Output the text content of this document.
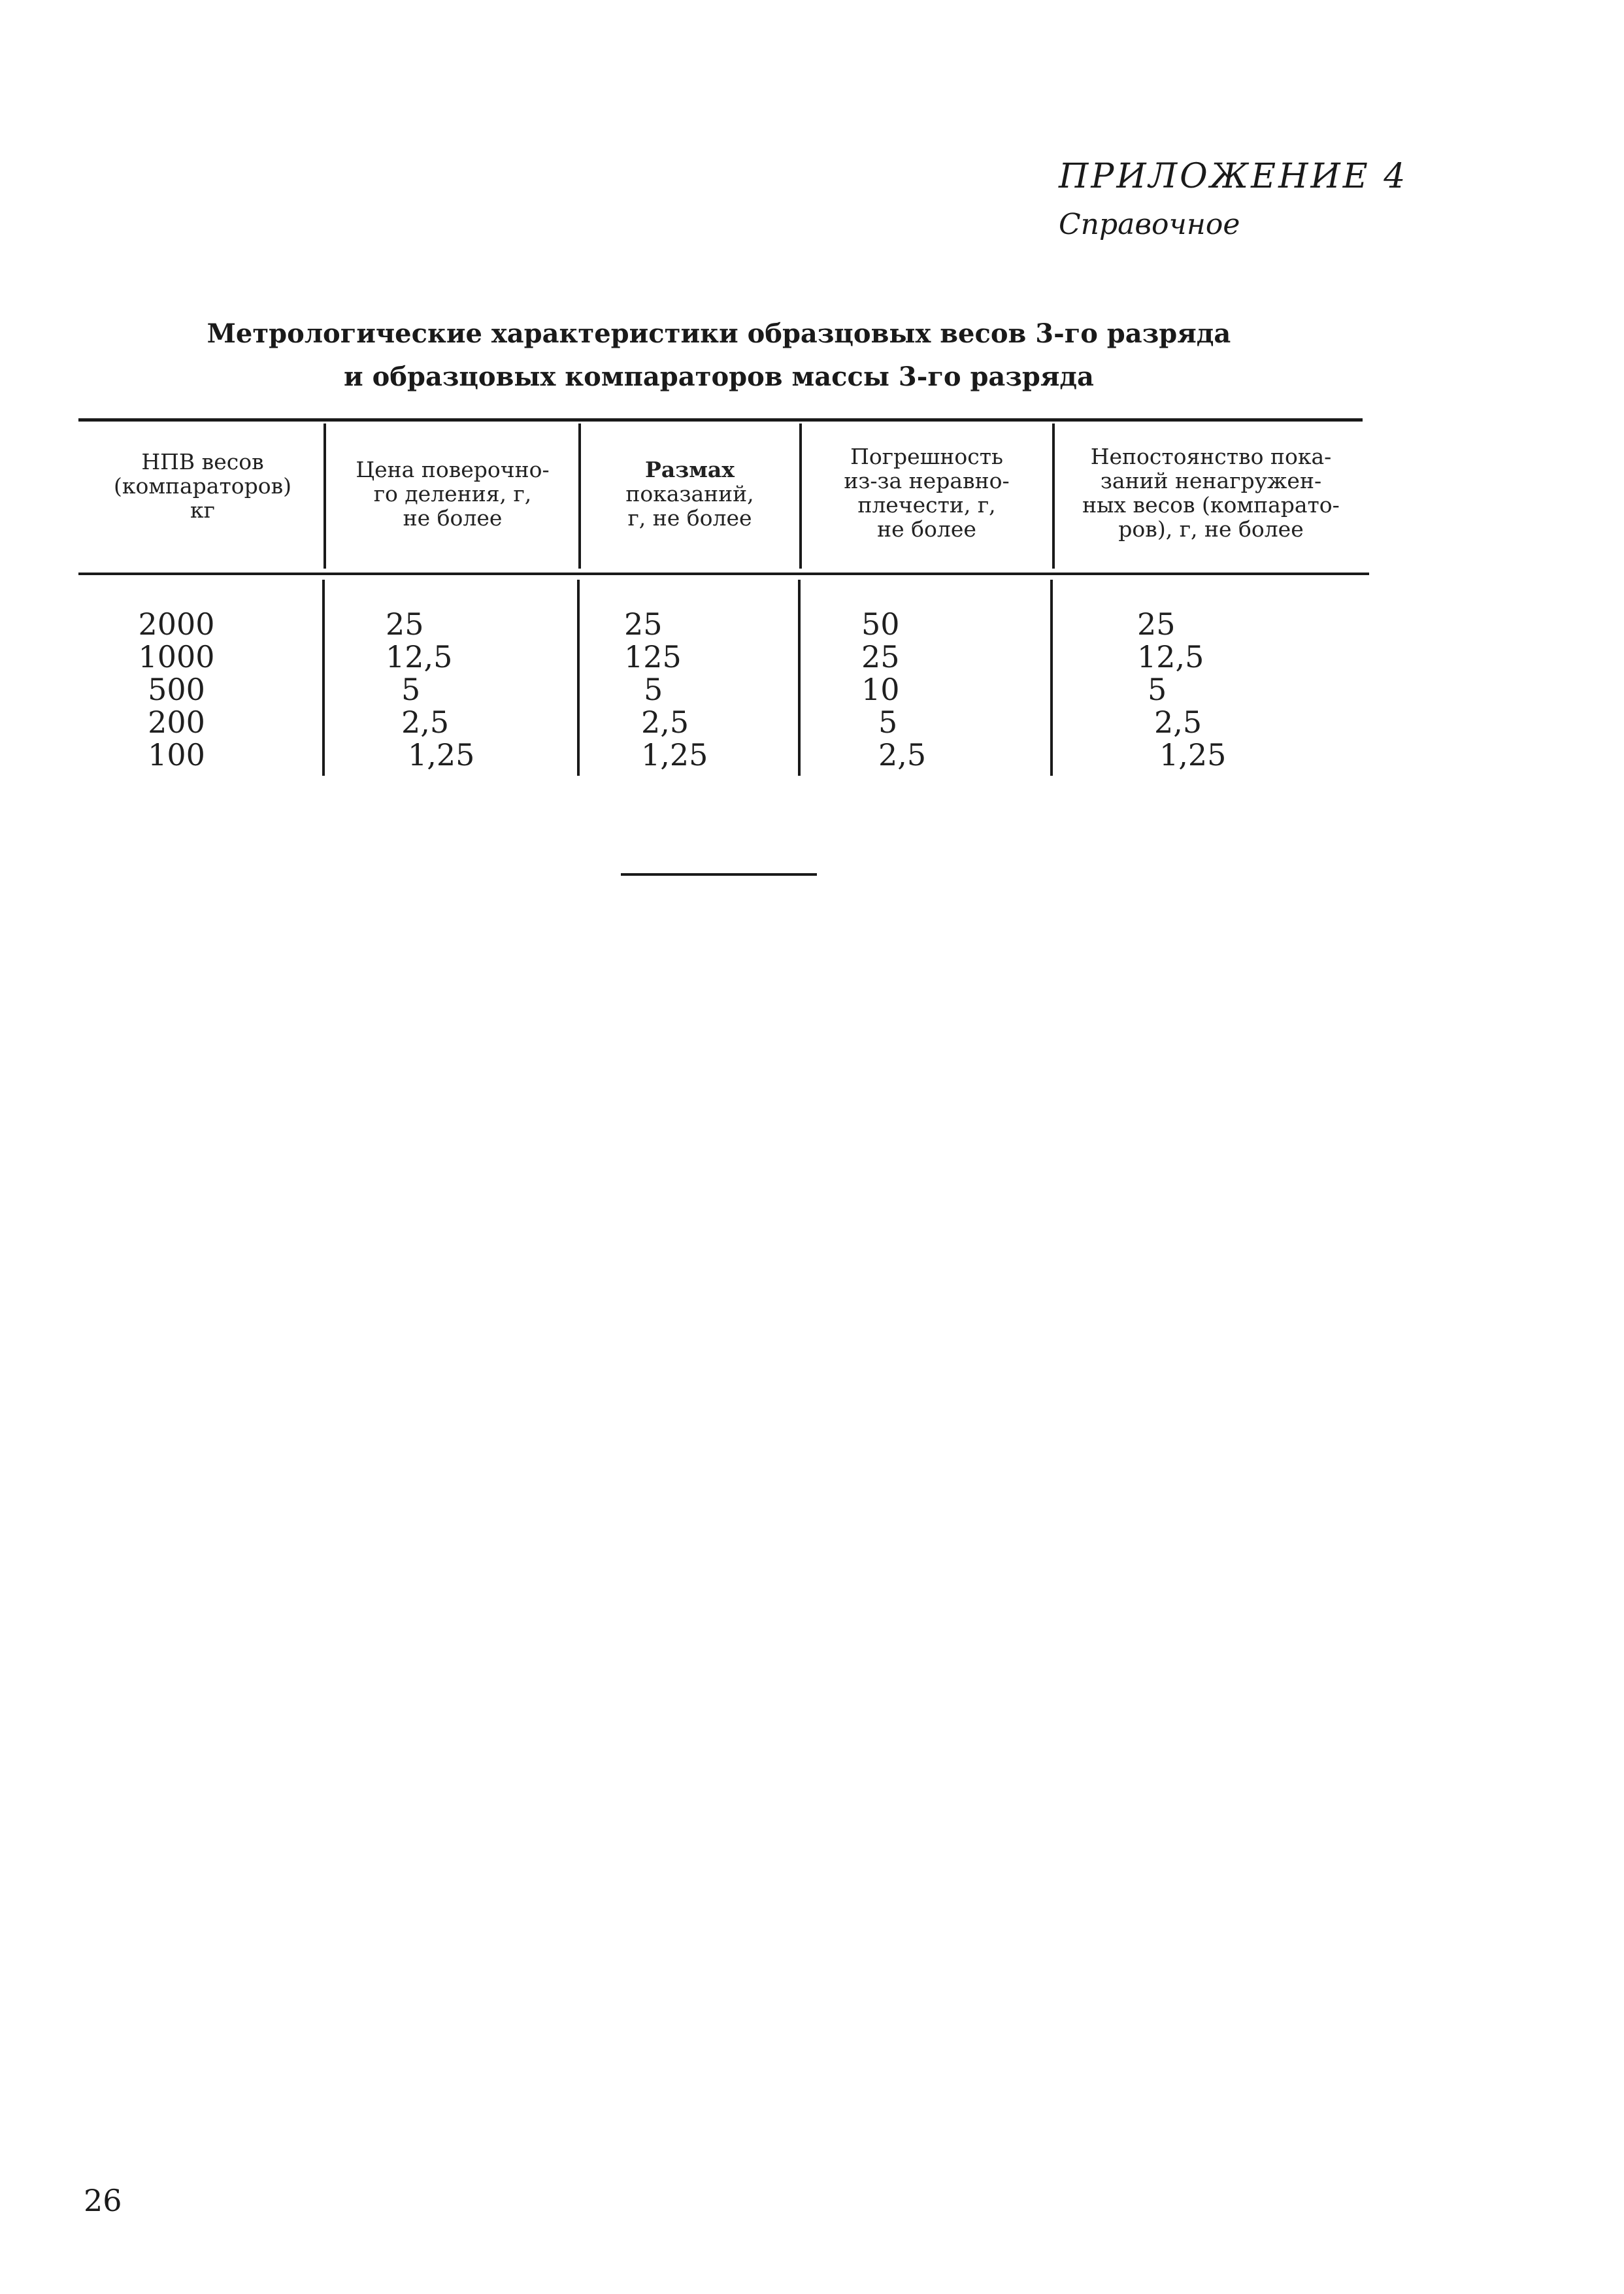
ПРИЛОЖЕНИЕ 4
Справочное
Метрологические характеристики образцовых весов 3-го разряда
и образцовых компараторов массы 3-го разряда
НПВ весов
(компараторов)
кг
Цена поверочно-
го деления, г,
не более
Размах
показаний,
г, не более
Погрешность
из-за неравно-
плечести, г,
не более
Непостоянство пока-
заний ненагружен-
ных весов (компарато-
ров), г, не более
2000
1000
500
200
100
25
12,5
5
2,5
1,25
25
125
5
2,5
1,25
50
25
10
5
2,5
25
12,5
5
2,5
1,25
26
